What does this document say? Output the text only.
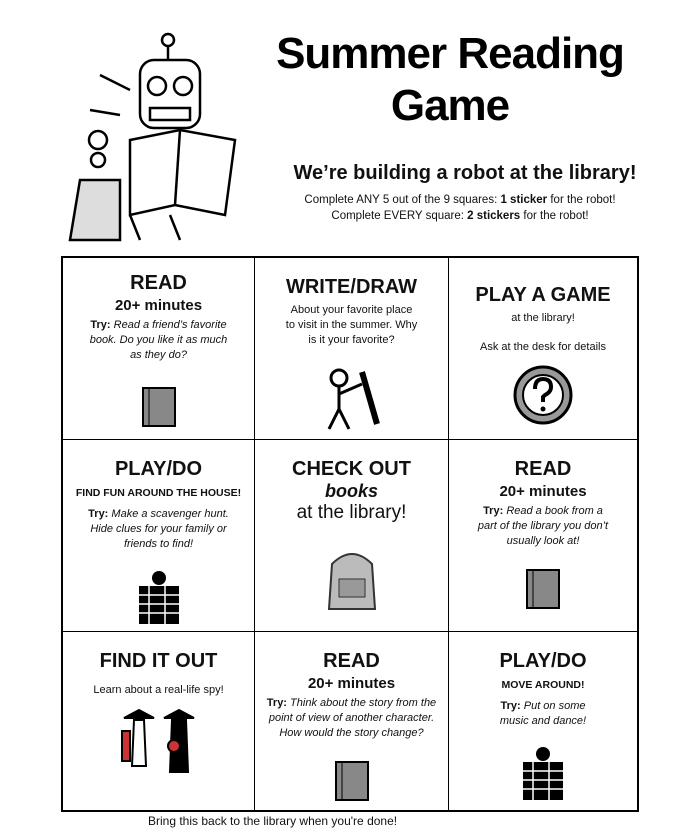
Summer Reading
Game
We’re building a robot at the library!
Complete ANY 5 out of the 9 squares: 1 sticker for the robot!
Complete EVERY square: 2 stickers for the robot!
READ
20+ minutes
Try: Read a friend’s favorite book. Do you like it as much as they do?
WRITE/DRAW
About your favorite place to visit in the summer. Why is it your favorite?
PLAY A GAME
at the library!
Ask at the desk for details
PLAY/DO
FIND FUN AROUND THE HOUSE!
Try: Make a scavenger hunt. Hide clues for your family or friends to find!
CHECK OUT
books
at the library!
READ
20+ minutes
Try: Read a book from a part of the library you don’t usually look at!
FIND IT OUT
Learn about a real-life spy!
READ
20+ minutes
Try: Think about the story from the point of view of another character. How would the story change?
PLAY/DO
MOVE AROUND!
Try: Put on some music and dance!
Bring this back to the library when you're done!
